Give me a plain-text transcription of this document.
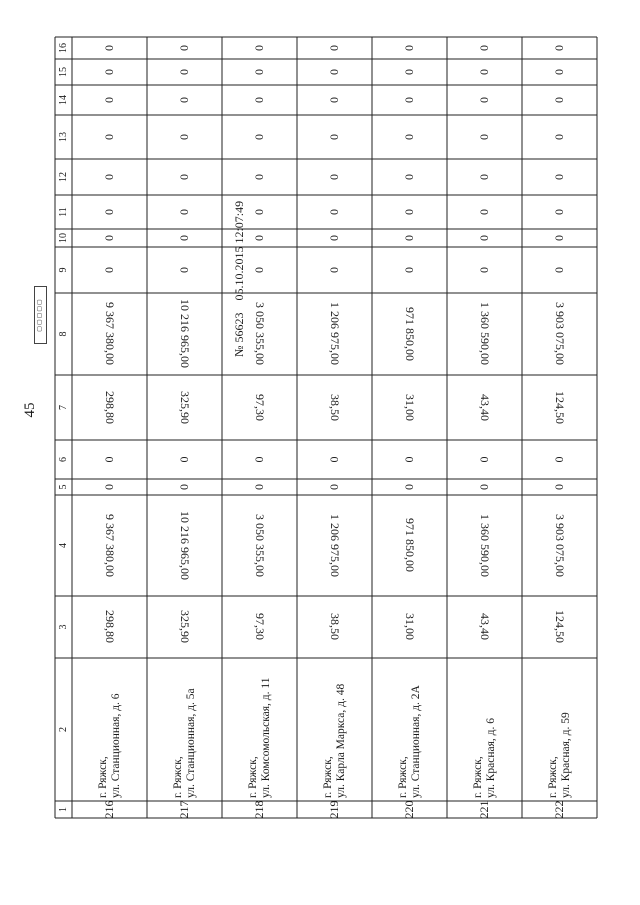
45
1
2
3
4
5
6
7
8
9
10
11
12
13
14
15
16
216
г. Ряжск, ул. Станционная, д. 6
298,80
9 367 380,00
0
0
298,80
9 367 380,00
0
0
0
0
0
0
0
0
217
г. Ряжск, ул. Станционная, д. 5а
325,90
10 216 965,00
0
0
325,90
10 216 965,00
0
0
0
0
0
0
0
0
218
г. Ряжск, ул. Комсомольская, д. 11
97,30
3 050 355,00
0
0
97,30
3 050 355,00
0
0
0
0
0
0
0
0
219
г. Ряжск, ул. Карла Маркса, д. 48
38,50
1 206 975,00
0
0
38,50
1 206 975,00
0
0
0
0
0
0
0
0
220
г. Ряжск, ул. Станционная, д. 2А
31,00
971 850,00
0
0
31,00
971 850,00
0
0
0
0
0
0
0
0
221
г. Ряжск, ул. Красная, д. 6
43,40
1 360 590,00
0
0
43,40
1 360 590,00
0
0
0
0
0
0
0
0
222
г. Ряжск, ул. Красная, д. 59
124,50
3 903 075,00
0
0
124,50
3 903 075,00
0
0
0
0
0
0
0
0
▢▢▢▢▢	№ 56623    05.10.2015 12:07:49
